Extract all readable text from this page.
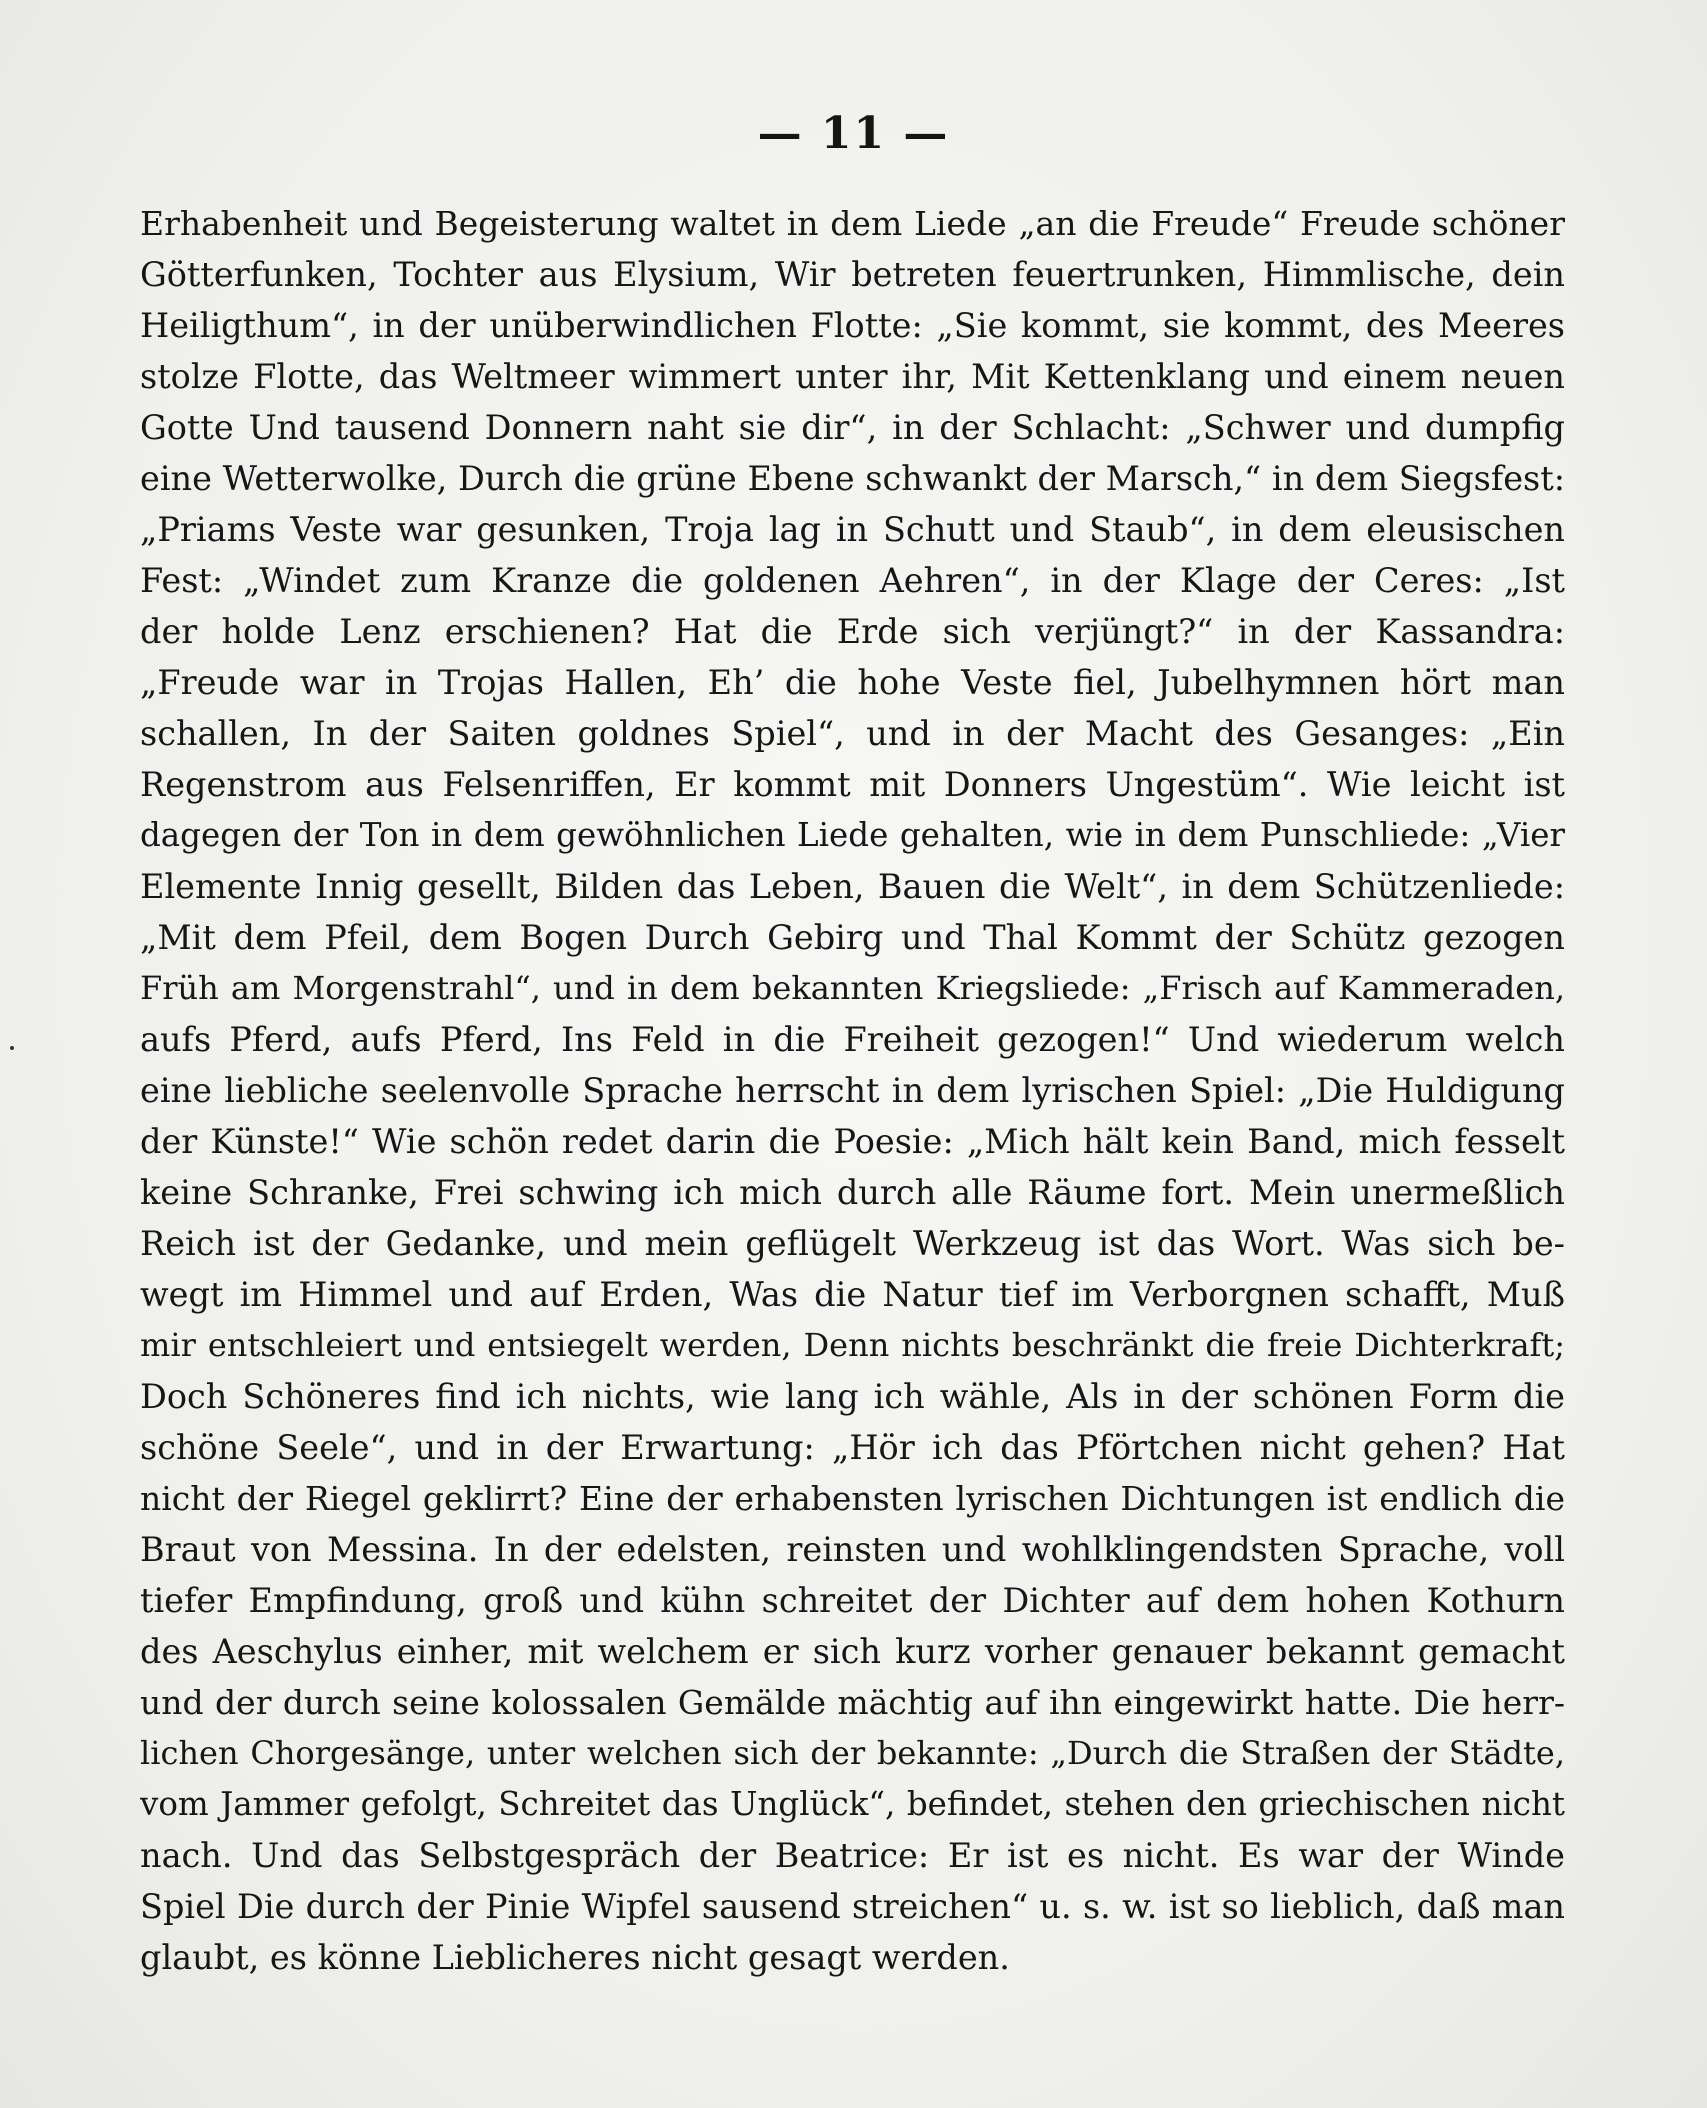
— 11 —
Erhabenheit und Begeisterung waltet in dem Liede „an die Freude“ Freude schöner
Götterfunken, Tochter aus Elysium, Wir betreten feuertrunken, Himmlische, dein
Heiligthum“, in der unüberwindlichen Flotte: „Sie kommt, sie kommt, des Meeres
stolze Flotte, das Weltmeer wimmert unter ihr, Mit Kettenklang und einem neuen
Gotte Und tausend Donnern naht sie dir“, in der Schlacht: „Schwer und dumpfig
eine Wetterwolke, Durch die grüne Ebene schwankt der Marsch,“ in dem Siegsfest:
„Priams Veste war gesunken, Troja lag in Schutt und Staub“, in dem eleusischen
Fest: „Windet zum Kranze die goldenen Aehren“, in der Klage der Ceres: „Ist
der holde Lenz erschienen? Hat die Erde sich verjüngt?“ in der Kassandra:
„Freude war in Trojas Hallen, Eh’ die hohe Veste fiel, Jubelhymnen hört man
schallen, In der Saiten goldnes Spiel“, und in der Macht des Gesanges: „Ein
Regenstrom aus Felsenriffen, Er kommt mit Donners Ungestüm“. Wie leicht ist
dagegen der Ton in dem gewöhnlichen Liede gehalten, wie in dem Punschliede: „Vier
Elemente Innig gesellt, Bilden das Leben, Bauen die Welt“, in dem Schützenliede:
„Mit dem Pfeil, dem Bogen Durch Gebirg und Thal Kommt der Schütz gezogen
Früh am Morgenstrahl“, und in dem bekannten Kriegsliede: „Frisch auf Kammeraden,
aufs Pferd, aufs Pferd, Ins Feld in die Freiheit gezogen!“ Und wiederum welch
eine liebliche seelenvolle Sprache herrscht in dem lyrischen Spiel: „Die Huldigung
der Künste!“ Wie schön redet darin die Poesie: „Mich hält kein Band, mich fesselt
keine Schranke, Frei schwing ich mich durch alle Räume fort. Mein unermeßlich
Reich ist der Gedanke, und mein geflügelt Werkzeug ist das Wort. Was sich be-
wegt im Himmel und auf Erden, Was die Natur tief im Verborgnen schafft, Muß
mir entschleiert und entsiegelt werden, Denn nichts beschränkt die freie Dichterkraft;
Doch Schöneres find ich nichts, wie lang ich wähle, Als in der schönen Form die
schöne Seele“, und in der Erwartung: „Hör ich das Pförtchen nicht gehen? Hat
nicht der Riegel geklirrt? Eine der erhabensten lyrischen Dichtungen ist endlich die
Braut von Messina. In der edelsten, reinsten und wohlklingendsten Sprache, voll
tiefer Empfindung, groß und kühn schreitet der Dichter auf dem hohen Kothurn
des Aeschylus einher, mit welchem er sich kurz vorher genauer bekannt gemacht
und der durch seine kolossalen Gemälde mächtig auf ihn eingewirkt hatte. Die herr-
lichen Chorgesänge, unter welchen sich der bekannte: „Durch die Straßen der Städte,
vom Jammer gefolgt, Schreitet das Unglück“, befindet, stehen den griechischen nicht
nach. Und das Selbstgespräch der Beatrice: Er ist es nicht. Es war der Winde
Spiel Die durch der Pinie Wipfel sausend streichen“ u. s. w. ist so lieblich, daß man
glaubt, es könne Lieblicheres nicht gesagt werden.
